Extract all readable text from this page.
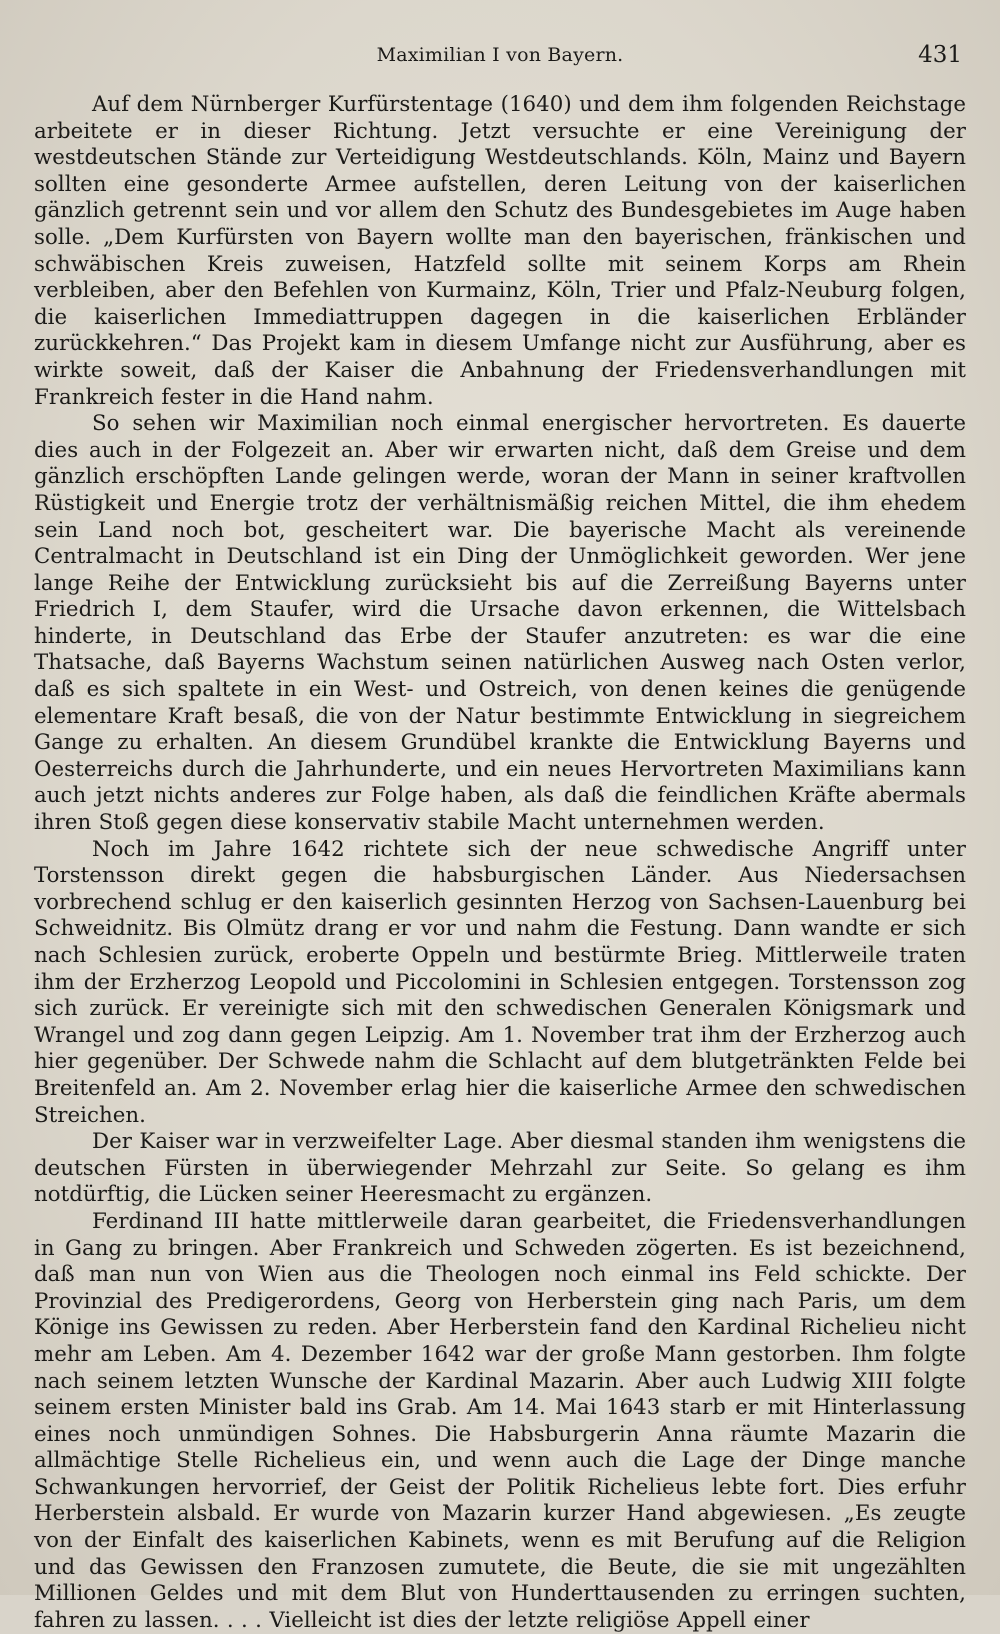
Maximilian I von Bayern.	431

Auf dem Nürnberger Kurfürstentage (1640) und dem ihm folgenden Reichstage arbeitete er in dieser Richtung. Jetzt versuchte er eine Vereinigung der westdeutschen Stände zur Verteidigung Westdeutschlands. Köln, Mainz und Bayern sollten eine gesonderte Armee aufstellen, deren Leitung von der kaiserlichen gänzlich getrennt sein und vor allem den Schutz des Bundesgebietes im Auge haben solle. „Dem Kurfürsten von Bayern wollte man den bayerischen, fränkischen und schwäbischen Kreis zuweisen, Hatzfeld sollte mit seinem Korps am Rhein verbleiben, aber den Befehlen von Kurmainz, Köln, Trier und Pfalz-Neuburg folgen, die kaiserlichen Immediattruppen dagegen in die kaiserlichen Erbländer zurückkehren.“ Das Projekt kam in diesem Umfange nicht zur Ausführung, aber es wirkte soweit, daß der Kaiser die Anbahnung der Friedensverhandlungen mit Frankreich fester in die Hand nahm.

So sehen wir Maximilian noch einmal energischer hervortreten. Es dauerte dies auch in der Folgezeit an. Aber wir erwarten nicht, daß dem Greise und dem gänzlich erschöpften Lande gelingen werde, woran der Mann in seiner kraftvollen Rüstigkeit und Energie trotz der verhältnismäßig reichen Mittel, die ihm ehedem sein Land noch bot, gescheitert war. Die bayerische Macht als vereinende Centralmacht in Deutschland ist ein Ding der Unmöglichkeit geworden. Wer jene lange Reihe der Entwicklung zurücksieht bis auf die Zerreißung Bayerns unter Friedrich I, dem Staufer, wird die Ursache davon erkennen, die Wittelsbach hinderte, in Deutschland das Erbe der Staufer anzutreten: es war die eine Thatsache, daß Bayerns Wachstum seinen natürlichen Ausweg nach Osten verlor, daß es sich spaltete in ein West- und Ostreich, von denen keines die genügende elementare Kraft besaß, die von der Natur bestimmte Entwicklung in siegreichem Gange zu erhalten. An diesem Grundübel krankte die Entwicklung Bayerns und Oesterreichs durch die Jahrhunderte, und ein neues Hervortreten Maximilians kann auch jetzt nichts anderes zur Folge haben, als daß die feindlichen Kräfte abermals ihren Stoß gegen diese konservativ stabile Macht unternehmen werden.

Noch im Jahre 1642 richtete sich der neue schwedische Angriff unter Torstensson direkt gegen die habsburgischen Länder. Aus Niedersachsen vorbrechend schlug er den kaiserlich gesinnten Herzog von Sachsen-Lauenburg bei Schweidnitz. Bis Olmütz drang er vor und nahm die Festung. Dann wandte er sich nach Schlesien zurück, eroberte Oppeln und bestürmte Brieg. Mittlerweile traten ihm der Erzherzog Leopold und Piccolomini in Schlesien entgegen. Torstensson zog sich zurück. Er vereinigte sich mit den schwedischen Generalen Königsmark und Wrangel und zog dann gegen Leipzig. Am 1. November trat ihm der Erzherzog auch hier gegenüber. Der Schwede nahm die Schlacht auf dem blutgetränkten Felde bei Breitenfeld an. Am 2. November erlag hier die kaiserliche Armee den schwedischen Streichen.

Der Kaiser war in verzweifelter Lage. Aber diesmal standen ihm wenigstens die deutschen Fürsten in überwiegender Mehrzahl zur Seite. So gelang es ihm notdürftig, die Lücken seiner Heeresmacht zu ergänzen.

Ferdinand III hatte mittlerweile daran gearbeitet, die Friedensverhandlungen in Gang zu bringen. Aber Frankreich und Schweden zögerten. Es ist bezeichnend, daß man nun von Wien aus die Theologen noch einmal ins Feld schickte. Der Provinzial des Predigerordens, Georg von Herberstein ging nach Paris, um dem Könige ins Gewissen zu reden. Aber Herberstein fand den Kardinal Richelieu nicht mehr am Leben. Am 4. Dezember 1642 war der große Mann gestorben. Ihm folgte nach seinem letzten Wunsche der Kardinal Mazarin. Aber auch Ludwig XIII folgte seinem ersten Minister bald ins Grab. Am 14. Mai 1643 starb er mit Hinterlassung eines noch unmündigen Sohnes. Die Habsburgerin Anna räumte Mazarin die allmächtige Stelle Richelieus ein, und wenn auch die Lage der Dinge manche Schwankungen hervorrief, der Geist der Politik Richelieus lebte fort. Dies erfuhr Herberstein alsbald. Er wurde von Mazarin kurzer Hand abgewiesen. „Es zeugte von der Einfalt des kaiserlichen Kabinets, wenn es mit Berufung auf die Religion und das Gewissen den Franzosen zumutete, die Beute, die sie mit ungezählten Millionen Geldes und mit dem Blut von Hunderttausenden zu erringen suchten, fahren zu lassen. . . . Vielleicht ist dies der letzte religiöse Appell einer
